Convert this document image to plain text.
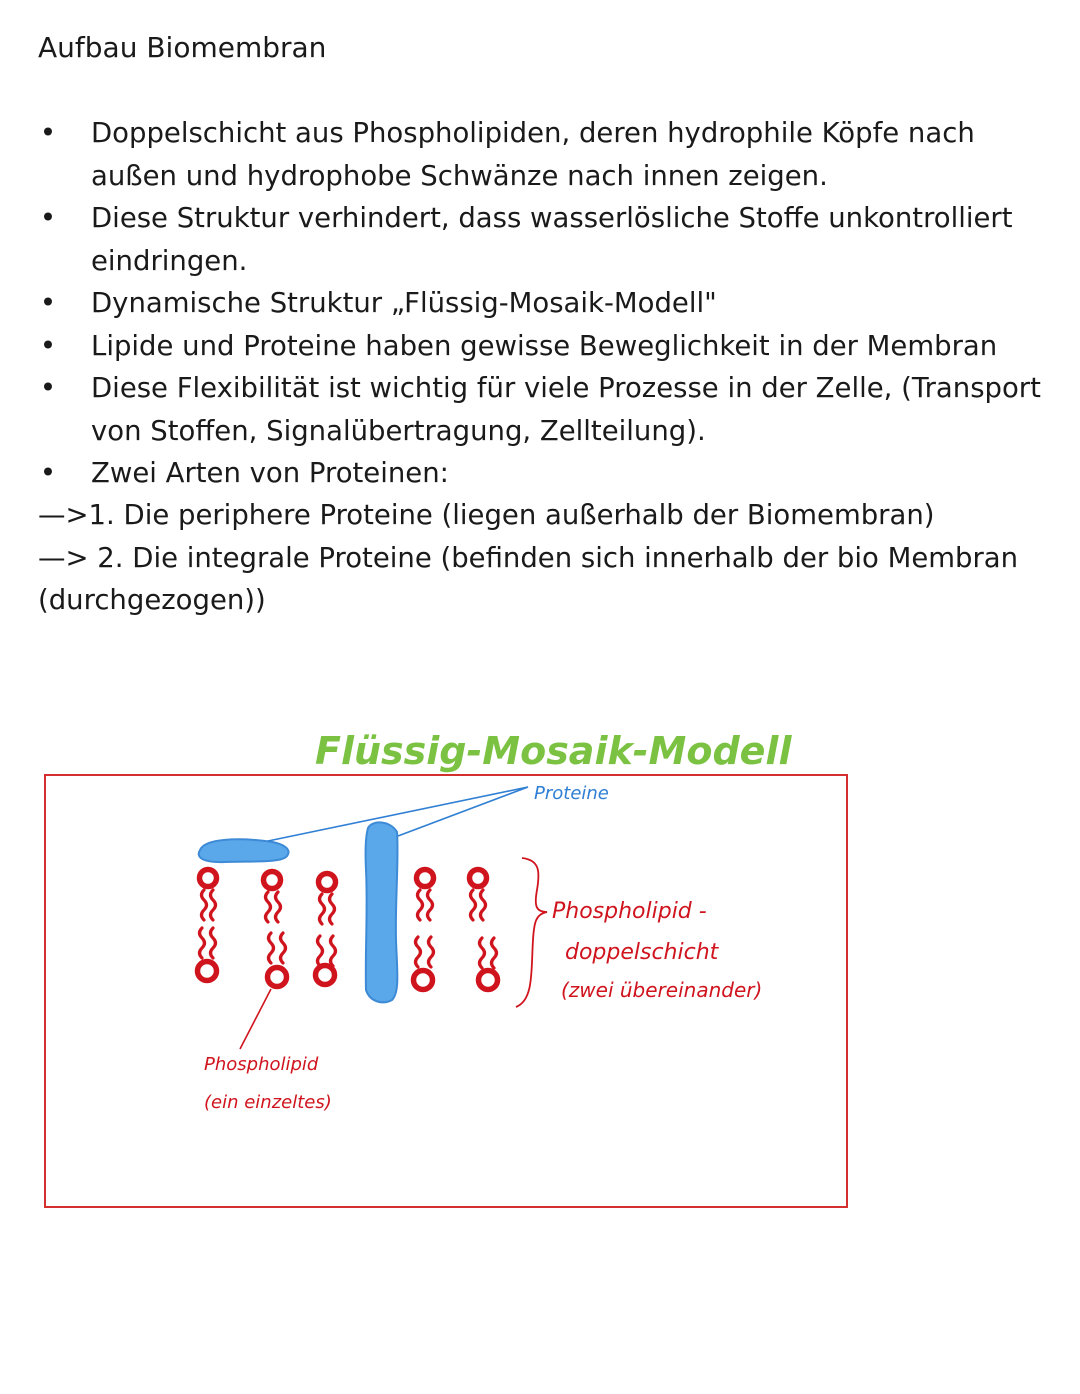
Aufbau Biomembran
• Doppelschicht aus Phospholipiden, deren hydrophile Köpfe nach außen und hydrophobe Schwänze nach innen zeigen.
• Diese Struktur verhindert, dass wasserlösliche Stoffe unkontrolliert eindringen.
• Dynamische Struktur „Flüssig-Mosaik-Modell"
• Lipide und Proteine haben gewisse Beweglichkeit in der Membran
• Diese Flexibilität ist wichtig für viele Prozesse in der Zelle, (Transport von Stoffen, Signalübertragung, Zellteilung).
• Zwei Arten von Proteinen:

—>1. Die periphere Proteine (liegen außerhalb der Biomembran)

—> 2. Die integrale Proteine (befinden sich innerhalb der bio Membran (durchgezogen))

Flüssig-Mosaik-Modell
Proteine
Phospholipid -
doppelschicht
(zwei übereinander)
Phospholipid
(ein einzeltes)
